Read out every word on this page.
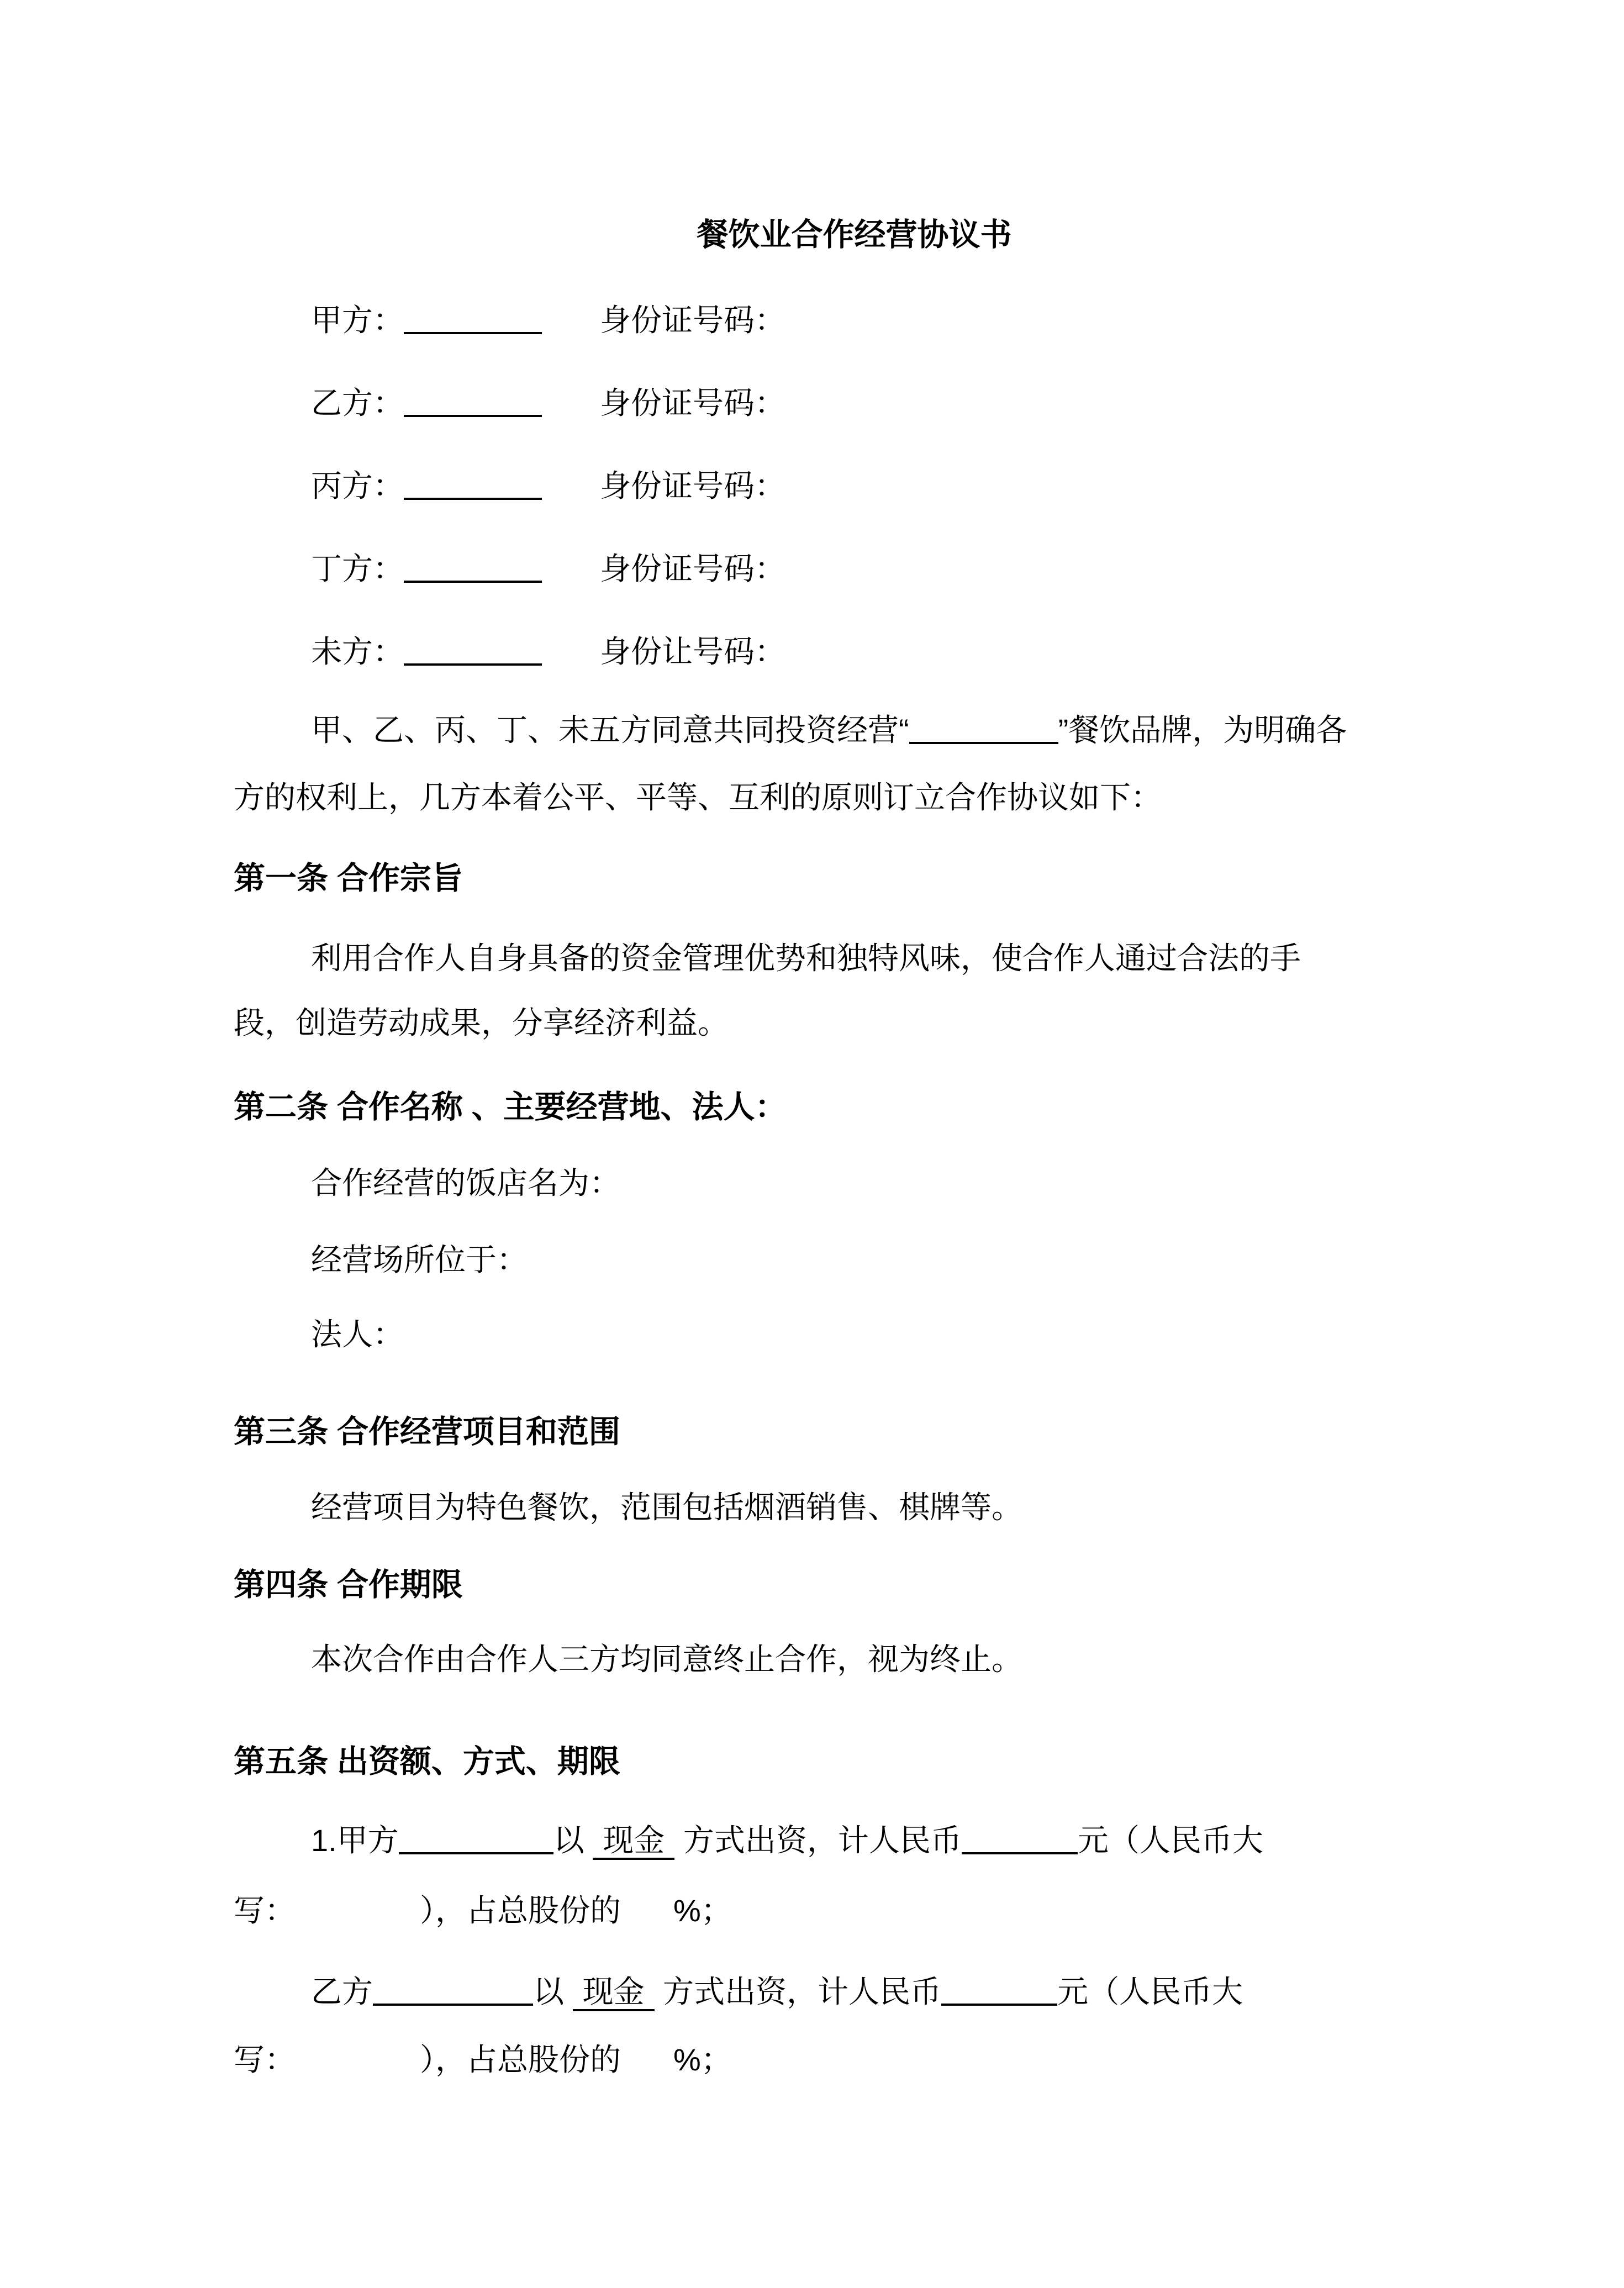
餐饮业合作经营协议书

甲方：	身份证号码：

乙方：	身份证号码：

丙方：	身份证号码：

丁方：	身份证号码：

未方：	身份让号码：

甲、乙、丙、丁、未五方同意共同投资经营“	”餐饮品牌，为明确各

方的权利上，几方本着公平、平等、互利的原则订立合作协议如下：

第一条 合作宗旨

利用合作人自身具备的资金管理优势和独特风味，使合作人通过合法的手

段，创造劳动成果，分享经济利益。

第二条 合作名称 、主要经营地、法人：

合作经营的饭店名为：

经营场所位于：

法人：

第三条 合作经营项目和范围

经营项目为特色餐饮，范围包括烟酒销售、棋牌等。

第四条 合作期限

本次合作由合作人三方均同意终止合作，视为终止。

第五条 出资额、方式、期限

1.甲方	以 现金 方式出资，计人民币	元（人民币大

写：	），占总股份的 %；

乙方	以 现金 方式出资，计人民币	元（人民币大

写：	），占总股份的 %；
